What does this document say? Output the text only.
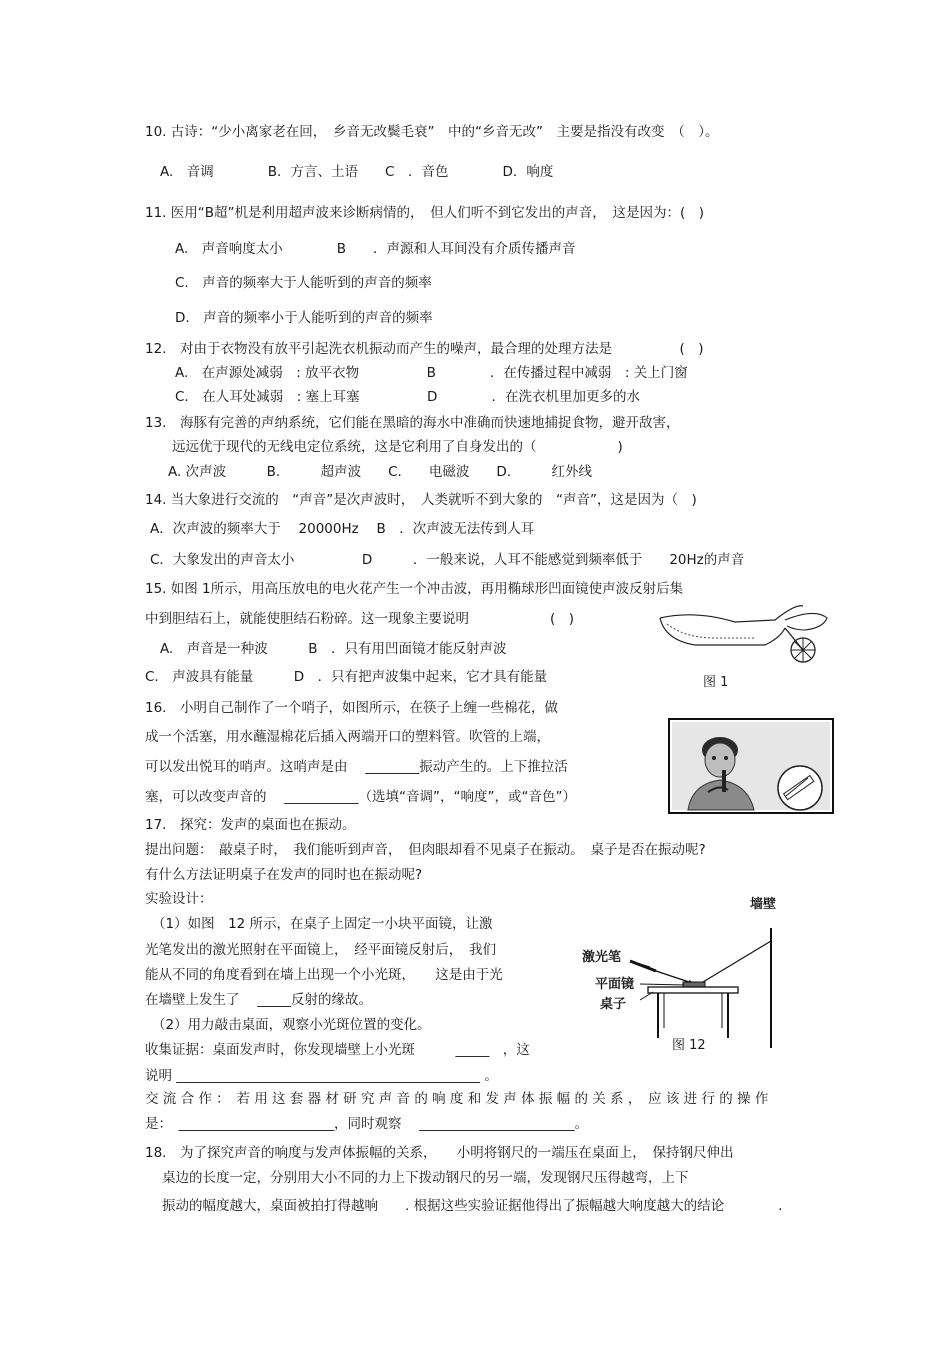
10. 古诗：“少小离家老在回，　乡音无改鬓毛衰”　中的“乡音无改”　主要是指没有改变　（　）。
A.　音调　　　　B．方言、土语　　C　．音色　　　　D．响度
11. 医用“B超”机是利用超声波来诊断病情的，　但人们听不到它发出的声音，　这是因为：(　)
A.　声音响度太小　　　　B　　．声源和人耳间没有介质传播声音
C.　声音的频率大于人能听到的声音的频率
D.　声音的频率小于人能听到的声音的频率
12.　对由于衣物没有放平引起洗衣机振动而产生的噪声，最合理的处理方法是　　　　　(　)
A.　在声源处减弱　: 放平衣物　　　　　B　　　　．在传播过程中减弱　: 关上门窗
C.　在人耳处减弱　: 塞上耳塞　　　　　D　　　　．在洗衣机里加更多的水
13.　海豚有完善的声纳系统，它们能在黑暗的海水中准确而快速地捕捉食物，避开敌害，
远远优于现代的无线电定位系统，这是它利用了自身发出的（　　　　　　)
A. 次声波　　　B.　　　超声波　　C.　　电磁波　　D.　　　红外线
14. 当大象进行交流的　“声音”是次声波时，　人类就听不到大象的　“声音”，这是因为（　)
A．次声波的频率大于　 20000Hz　 B　．次声波无法传到人耳
C．大象发出的声音太小　　　　　D　　　．一般来说，人耳不能感觉到频率低于　　20Hz的声音
15. 如图 1所示，用高压放电的电火花产生一个冲击波，再用椭球形凹面镜使声波反射后集
中到胆结石上，就能使胆结石粉碎。这一现象主要说明　　　　　　(　)
A.　声音是一种波　　　B　．只有用凹面镜才能反射声波
C.　声波具有能量　　　D　．只有把声波集中起来，它才具有能量
16.　小明自己制作了一个哨子，如图所示，在筷子上缠一些棉花，做
成一个活塞，用水蘸湿棉花后插入两端开口的塑料管。吹管的上端，
可以发出悦耳的哨声。这哨声是由　 ________振动产生的。上下推拉活
塞，可以改变声音的　 ___________（选填“音调”，“响度”，或“音色”）
17.　探究：发声的桌面也在振动。
提出问题：　敲桌子时，　我们能听到声音，　但肉眼却看不见桌子在振动。　桌子是否在振动呢?
有什么方法证明桌子在发声的同时也在振动呢?
实验设计：
（1）如图　12 所示，在桌子上固定一小块平面镜，让激
光笔发出的激光照射在平面镜上，　经平面镜反射后，　我们
能从不同的角度看到在墙上出现一个小光斑，　　这是由于光
在墙壁上发生了　 _____反射的缘故。
（2）用力敲击桌面，观察小光斑位置的变化。
收集证据：桌面发声时，你发现墙壁上小光斑　　　_____　，这
说明 _____________________________________________ 。
交 流 合 作 ：　若 用 这 套 器 材 研 究 声 音 的 响 度 和 发 声 体 振 幅 的 关 系 ，　应 该 进 行 的 操 作
是：　_______________________，同时观察　 _______________________。
18.　为了探究声音的响度与发声体振幅的关系，　　小明将钢尺的一端压在桌面上，　保持钢尺伸出
桌边的长度一定，分别用大小不同的力上下拨动钢尺的另一端，发现钢尺压得越弯，上下
振动的幅度越大，桌面被拍打得越响　　. 根据这些实验证据他得出了振幅越大响度越大的结论　　　　.
图 1
墙壁
激光笔
平面镜
桌子
图 12
